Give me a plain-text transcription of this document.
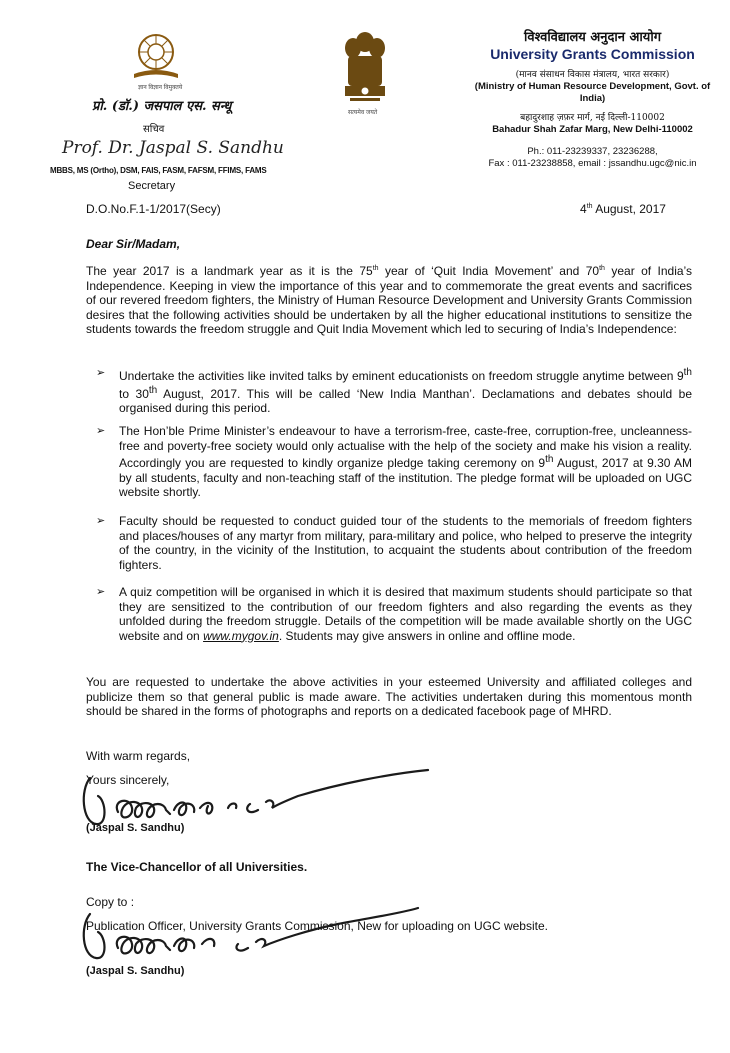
ज्ञान विज्ञान विमुक्तये
प्रो. (डॉ.) जसपाल एस. सन्धू
सचिव
Prof. Dr. Jaspal S. Sandhu
MBBS, MS (Ortho), DSM, FAIS, FASM, FAFSM, FFIMS, FAMS
Secretary
सत्यमेव जयते
विश्वविद्यालय अनुदान आयोग
University Grants Commission
(मानव संसाधन विकास मंत्रालय, भारत सरकार)
(Ministry of Human Resource Development, Govt. of India)
बहादुरशाह ज़फ़र मार्ग, नई दिल्ली-110002
Bahadur Shah Zafar Marg, New Delhi-110002
Ph.: 011-23239337, 23236288,
Fax : 011-23238858, email : jssandhu.ugc@nic.in
D.O.No.F.1-1/2017(Secy)	4th August, 2017
Dear Sir/Madam,
The year 2017 is a landmark year as it is the 75th year of ‘Quit India Movement’ and 70th year of India’s Independence. Keeping in view the importance of this year and to commemorate the great events and sacrifices of our revered freedom fighters, the Ministry of Human Resource Development and University Grants Commission desires that the following activities should be undertaken by all the higher educational institutions to sensitize the students towards the freedom struggle and Quit India Movement which led to securing of India’s Independence:
➢ Undertake the activities like invited talks by eminent educationists on freedom struggle anytime between 9th to 30th August, 2017. This will be called ‘New India Manthan’. Declamations and debates should be organised during this period.
➢ The Hon’ble Prime Minister’s endeavour to have a terrorism-free, caste-free, corruption-free, uncleanness-free and poverty-free society would only actualise with the help of the society and make his vision a reality. Accordingly you are requested to kindly organize pledge taking ceremony on 9th August, 2017 at 9.30 AM by all students, faculty and non-teaching staff of the institution. The pledge format will be uploaded on UGC website shortly.
➢ Faculty should be requested to conduct guided tour of the students to the memorials of freedom fighters and places/houses of any martyr from military, para-military and police, who helped to preserve the integrity of the country, in the vicinity of the Institution, to acquaint the students about contribution of the freedom fighters.
➢ A quiz competition will be organised in which it is desired that maximum students should participate so that they are sensitized to the contribution of our freedom fighters and also regarding the events as they unfolded during the freedom struggle. Details of the competition will be made available shortly on the UGC website and on www.mygov.in. Students may give answers in online and offline mode.
You are requested to undertake the above activities in your esteemed University and affiliated colleges and publicize them so that general public is made aware. The activities undertaken during this momentous month should be shared in the forms of photographs and reports on a dedicated facebook page of MHRD.
With warm regards,
Yours sincerely,
(Jaspal S. Sandhu)
The Vice-Chancellor of all Universities.
Copy to :
Publication Officer, University Grants Commission, New for uploading on UGC website.
(Jaspal S. Sandhu)
